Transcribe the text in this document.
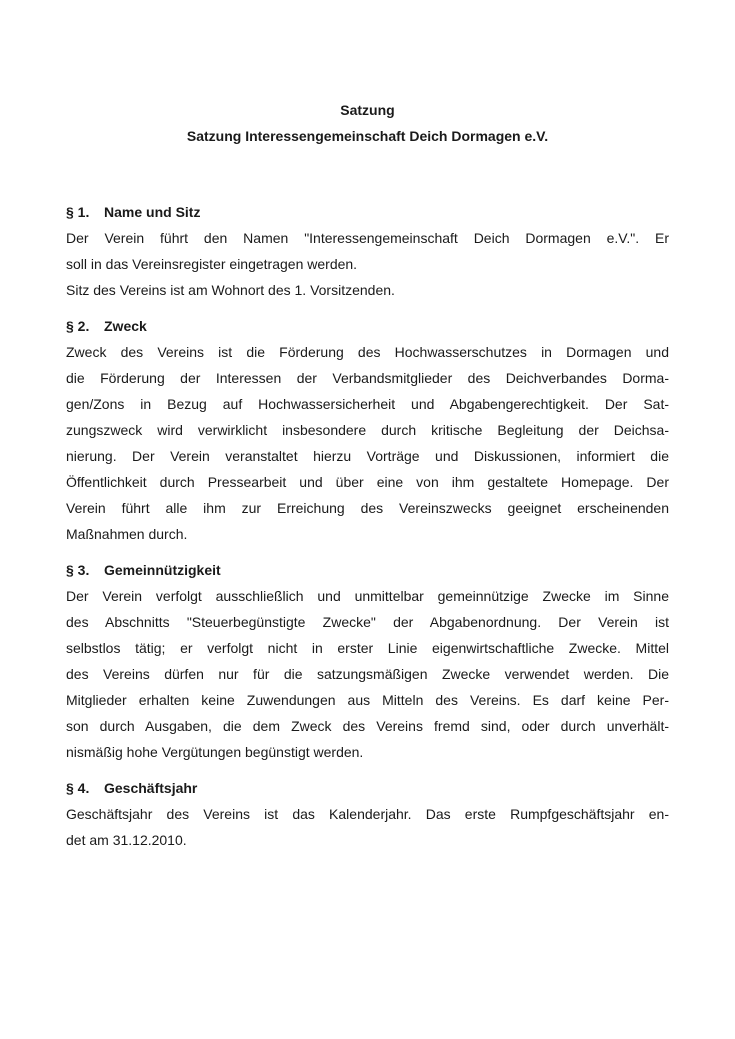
Satzung
Satzung Interessengemeinschaft Deich Dormagen e.V.
§ 1. Name und Sitz
Der Verein führt den Namen "Interessengemeinschaft Deich Dormagen e.V.". Er
soll in das Vereinsregister eingetragen werden.
Sitz des Vereins ist am Wohnort des 1. Vorsitzenden.
§ 2. Zweck
Zweck des Vereins ist die Förderung des Hochwasserschutzes in Dormagen und
die Förderung der Interessen der Verbandsmitglieder des Deichverbandes Dorma-
gen/Zons in Bezug auf Hochwassersicherheit und Abgabengerechtigkeit. Der Sat-
zungszweck wird verwirklicht insbesondere durch kritische Begleitung der Deichsa-
nierung. Der Verein veranstaltet hierzu Vorträge und Diskussionen, informiert die
Öffentlichkeit durch Pressearbeit und über eine von ihm gestaltete Homepage. Der
Verein führt alle ihm zur Erreichung des Vereinszwecks geeignet erscheinenden
Maßnahmen durch.
§ 3. Gemeinnützigkeit
Der Verein verfolgt ausschließlich und unmittelbar gemeinnützige Zwecke im Sinne
des Abschnitts "Steuerbegünstigte Zwecke" der Abgabenordnung. Der Verein ist
selbstlos tätig; er verfolgt nicht in erster Linie eigenwirtschaftliche Zwecke. Mittel
des Vereins dürfen nur für die satzungsmäßigen Zwecke verwendet werden. Die
Mitglieder erhalten keine Zuwendungen aus Mitteln des Vereins. Es darf keine Per-
son durch Ausgaben, die dem Zweck des Vereins fremd sind, oder durch unverhält-
nismäßig hohe Vergütungen begünstigt werden.
§ 4. Geschäftsjahr
Geschäftsjahr des Vereins ist das Kalenderjahr. Das erste Rumpfgeschäftsjahr en-
det am 31.12.2010.
